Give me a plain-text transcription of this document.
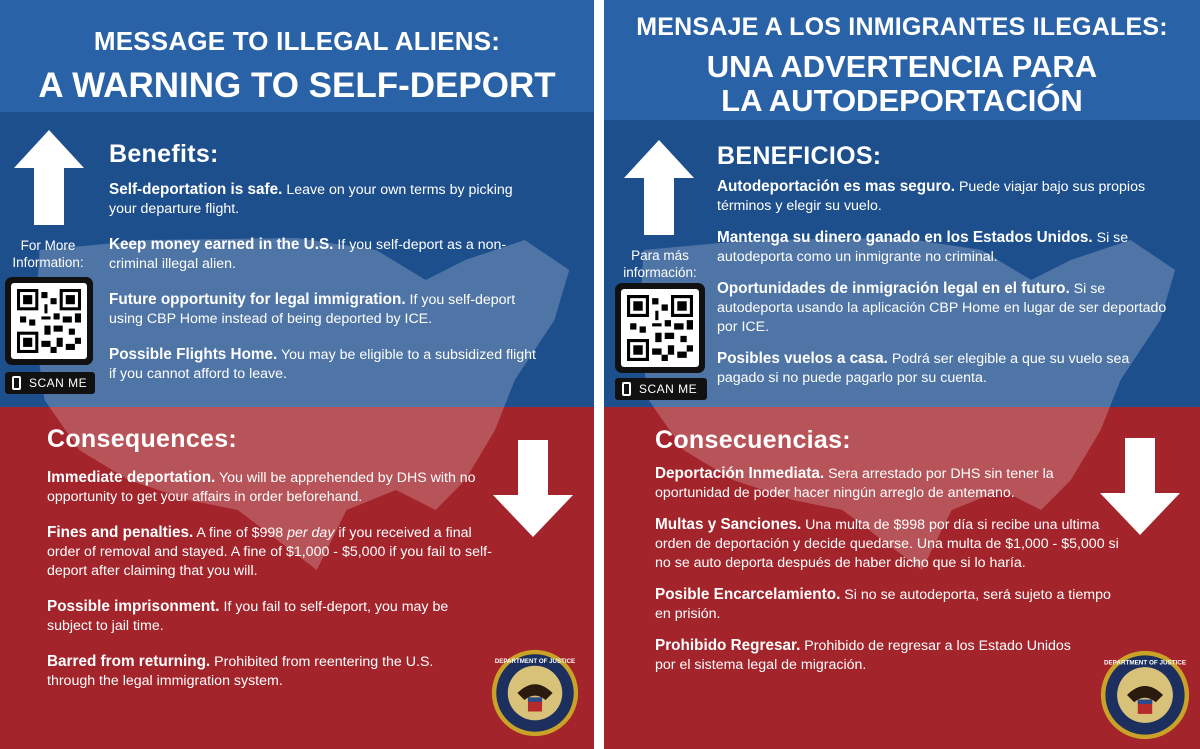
MESSAGE TO ILLEGAL ALIENS:
A WARNING TO SELF-DEPORT
For More
Information:
SCAN ME
Benefits:
Self-deportation is safe. Leave on your own terms by picking your departure flight.
Keep money earned in the U.S. If you self-deport as a non-criminal illegal alien.
Future opportunity for legal immigration. If you self-deport using CBP Home instead of being deported by ICE.
Possible Flights Home. You may be eligible to a subsidized flight if you cannot afford to leave.
Consequences:
Immediate deportation. You will be apprehended by DHS with no opportunity to get your affairs in order beforehand.
Fines and penalties. A fine of $998 per day if you received a final order of removal and stayed. A fine of $1,000 - $5,000 if you fail to self-deport after claiming that you will.
Possible imprisonment. If you fail to self-deport, you may be subject to jail time.
Barred from returning. Prohibited from reentering the U.S. through the legal immigration system.
DEPARTMENT OF JUSTICE
MENSAJE A LOS INMIGRANTES ILEGALES:
UNA ADVERTENCIA PARA
LA AUTODEPORTACIÓN
Para más
información:
SCAN ME
BENEFICIOS:
Autodeportación es mas seguro. Puede viajar bajo sus propios términos y elegir su vuelo.
Mantenga su dinero ganado en los Estados Unidos. Si se autodeporta como un inmigrante no criminal.
Oportunidades de inmigración legal en el futuro. Si se autodeporta usando la aplicación CBP Home en lugar de ser deportado por ICE.
Posibles vuelos a casa. Podrá ser elegible a que su vuelo sea pagado si no puede pagarlo por su cuenta.
Consecuencias:
Deportación Inmediata. Sera arrestado por DHS sin tener la oportunidad de poder hacer ningún arreglo de antemano.
Multas y Sanciones. Una multa de $998 por día si recibe una ultima orden de deportación y decide quedarse. Una multa de $1,000 - $5,000 si no se auto deporta después de haber dicho que si lo haría.
Posible Encarcelamiento. Si no se autodeporta, será sujeto a tiempo en prisión.
Prohibido Regresar. Prohibido de regresar a los Estado Unidos por el sistema legal de migración.	DEPARTMENT OF JUSTICE
